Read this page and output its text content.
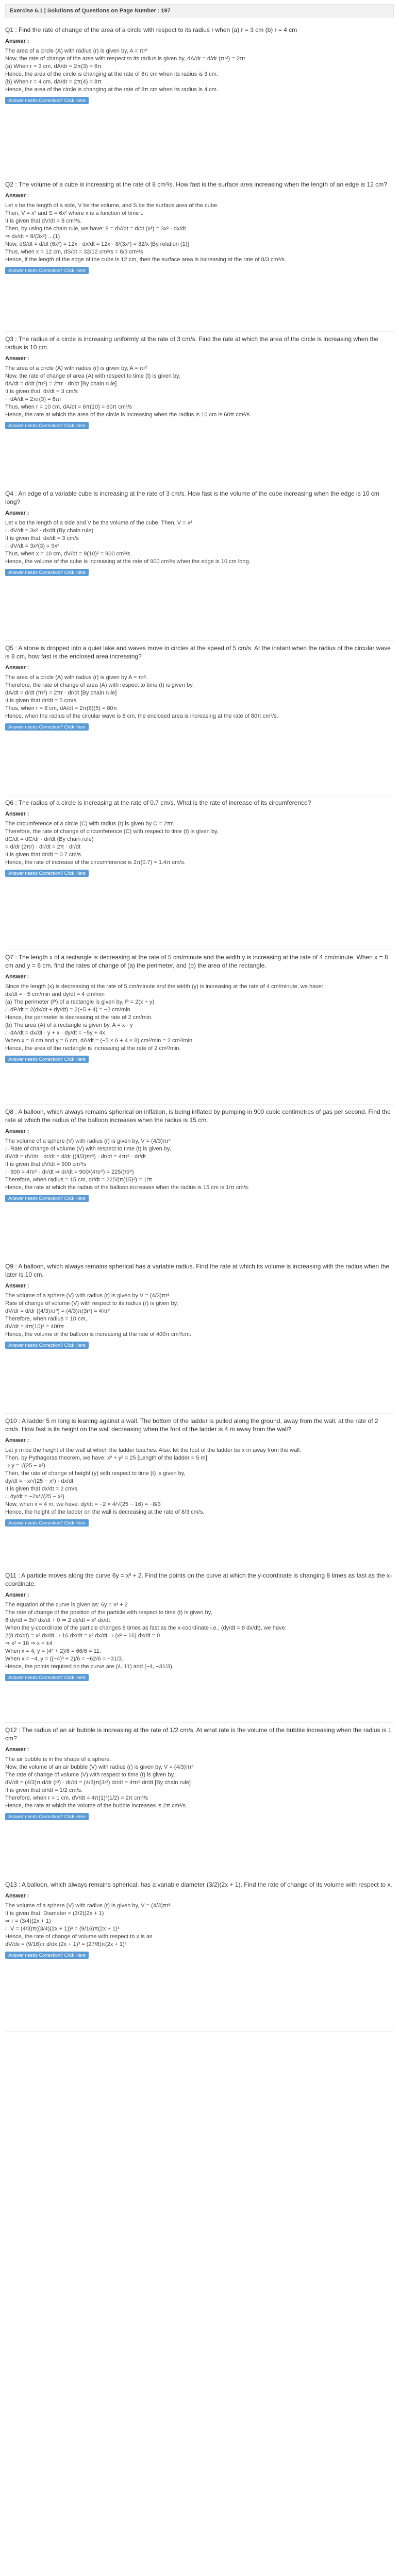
Exercise 6.1 | Solutions of Questions on Page Number : 197

Q1 : Find the rate of change of the area of a circle with respect to its radius r when (a) r = 3 cm (b) r = 4 cm

Answer :

The area of a circle (A) with radius (r) is given by, A = πr²

Now, the rate of change of the area with respect to its radius is given by, dA/dr = d/dr (πr²) = 2πr

(a) When r = 3 cm, dA/dr = 2π(3) = 6π

Hence, the area of the circle is changing at the rate of 6π cm when its radius is 3 cm.

(b) When r = 4 cm, dA/dr = 2π(4) = 8π

Hence, the area of the circle is changing at the rate of 8π cm when its radius is 4 cm.

Answer needs Correction? Click Here

Q2 : The volume of a cube is increasing at the rate of 8 cm³/s. How fast is the surface area increasing when the length of an edge is 12 cm?

Answer :

Let x be the length of a side, V be the volume, and S be the surface area of the cube.

Then, V = x³ and S = 6x² where x is a function of time t.

It is given that dV/dt = 8 cm³/s.

Then, by using the chain rule, we have: 8 = dV/dt = d/dt (x³) = 3x² · dx/dt

⇒ dx/dt = 8/(3x²) ...(1)

Now, dS/dt = d/dt (6x²) = 12x · dx/dt = 12x · 8/(3x²) = 32/x [By relation (1)]

Thus, when x = 12 cm, dS/dt = 32/12 cm²/s = 8/3 cm²/s

Hence, if the length of the edge of the cube is 12 cm, then the surface area is increasing at the rate of 8/3 cm²/s.

Answer needs Correction? Click Here

Q3 : The radius of a circle is increasing uniformly at the rate of 3 cm/s. Find the rate at which the area of the circle is increasing when the radius is 10 cm.

Answer :

The area of a circle (A) with radius (r) is given by, A = πr²

Now, the rate of change of area (A) with respect to time (t) is given by,

dA/dt = d/dt (πr²) = 2πr · dr/dt [By chain rule]

It is given that, dr/dt = 3 cm/s

∴ dA/dt = 2πr(3) = 6πr

Thus, when r = 10 cm, dA/dt = 6π(10) = 60π cm²/s

Hence, the rate at which the area of the circle is increasing when the radius is 10 cm is 60π cm²/s.

Answer needs Correction? Click Here

Q4 : An edge of a variable cube is increasing at the rate of 3 cm/s. How fast is the volume of the cube increasing when the edge is 10 cm long?

Answer :

Let x be the length of a side and V be the volume of the cube. Then, V = x³

∴ dV/dt = 3x² · dx/dt (By chain rule)

It is given that, dx/dt = 3 cm/s

∴ dV/dt = 3x²(3) = 9x²

Thus, when x = 10 cm, dV/dt = 9(10)² = 900 cm³/s

Hence, the volume of the cube is increasing at the rate of 900 cm³/s when the edge is 10 cm long.

Answer needs Correction? Click Here

Q5 : A stone is dropped into a quiet lake and waves move in circles at the speed of 5 cm/s. At the instant when the radius of the circular wave is 8 cm, how fast is the enclosed area increasing?

Answer :

The area of a circle (A) with radius (r) is given by A = πr².

Therefore, the rate of change of area (A) with respect to time (t) is given by,

dA/dt = d/dt (πr²) = 2πr · dr/dt [By chain rule]

It is given that dr/dt = 5 cm/s.

Thus, when r = 8 cm, dA/dt = 2π(8)(5) = 80π

Hence, when the radius of the circular wave is 8 cm, the enclosed area is increasing at the rate of 80π cm²/s.

Answer needs Correction? Click Here

Q6 : The radius of a circle is increasing at the rate of 0.7 cm/s. What is the rate of increase of its circumference?

Answer :

The circumference of a circle (C) with radius (r) is given by C = 2πr.

Therefore, the rate of change of circumference (C) with respect to time (t) is given by,

dC/dt = dC/dr · dr/dt (By chain rule)

= d/dr (2πr) · dr/dt = 2π · dr/dt

It is given that dr/dt = 0.7 cm/s.

Hence, the rate of increase of the circumference is 2π(0.7) = 1.4π cm/s.

Answer needs Correction? Click Here

Q7 : The length x of a rectangle is decreasing at the rate of 5 cm/minute and the width y is increasing at the rate of 4 cm/minute. When x = 8 cm and y = 6 cm, find the rates of change of (a) the perimeter, and (b) the area of the rectangle.

Answer :

Since the length (x) is decreasing at the rate of 5 cm/minute and the width (y) is increasing at the rate of 4 cm/minute, we have:

dx/dt = −5 cm/min and dy/dt = 4 cm/min

(a) The perimeter (P) of a rectangle is given by, P = 2(x + y)

∴ dP/dt = 2(dx/dt + dy/dt) = 2(−5 + 4) = −2 cm/min

Hence, the perimeter is decreasing at the rate of 2 cm/min.

(b) The area (A) of a rectangle is given by, A = x · y

∴ dA/dt = dx/dt · y + x · dy/dt = −5y + 4x

When x = 8 cm and y = 6 cm, dA/dt = (−5 × 6 + 4 × 8) cm²/min = 2 cm²/min

Hence, the area of the rectangle is increasing at the rate of 2 cm²/min.

Answer needs Correction? Click Here

Q8 : A balloon, which always remains spherical on inflation, is being inflated by pumping in 900 cubic centimetres of gas per second. Find the rate at which the radius of the balloon increases when the radius is 15 cm.

Answer :

The volume of a sphere (V) with radius (r) is given by, V = (4/3)πr³

∴ Rate of change of volume (V) with respect to time (t) is given by,

dV/dt = dV/dr · dr/dt = d/dr ((4/3)πr³) · dr/dt = 4πr² · dr/dt

It is given that dV/dt = 900 cm³/s

∴ 900 = 4πr² · dr/dt ⇒ dr/dt = 900/(4πr²) = 225/(πr²)

Therefore, when radius = 15 cm, dr/dt = 225/(π(15)²) = 1/π

Hence, the rate at which the radius of the balloon increases when the radius is 15 cm is 1/π cm/s.

Answer needs Correction? Click Here

Q9 : A balloon, which always remains spherical has a variable radius. Find the rate at which its volume is increasing with the radius when the later is 10 cm.

Answer :

The volume of a sphere (V) with radius (r) is given by V = (4/3)πr³.

Rate of change of volume (V) with respect to its radius (r) is given by,

dV/dr = d/dr ((4/3)πr³) = (4/3)π(3r²) = 4πr²

Therefore, when radius = 10 cm,

dV/dr = 4π(10)² = 400π

Hence, the volume of the balloon is increasing at the rate of 400π cm³/cm.

Answer needs Correction? Click Here

Q10 : A ladder 5 m long is leaning against a wall. The bottom of the ladder is pulled along the ground, away from the wall, at the rate of 2 cm/s. How fast is its height on the wall decreasing when the foot of the ladder is 4 m away from the wall?

Answer :

Let y m be the height of the wall at which the ladder touches. Also, let the foot of the ladder be x m away from the wall.

Then, by Pythagoras theorem, we have: x² + y² = 25 [Length of the ladder = 5 m]

⇒ y = √(25 − x²)

Then, the rate of change of height (y) with respect to time (t) is given by,

dy/dt = −x/√(25 − x²) · dx/dt

It is given that dx/dt = 2 cm/s.

∴ dy/dt = −2x/√(25 − x²)

Now, when x = 4 m, we have: dy/dt = −2 × 4/√(25 − 16) = −8/3

Hence, the height of the ladder on the wall is decreasing at the rate of 8/3 cm/s.

Answer needs Correction? Click Here

Q11 : A particle moves along the curve 6y = x³ + 2. Find the points on the curve at which the y-coordinate is changing 8 times as fast as the x-coordinate.

Answer :

The equation of the curve is given as: 6y = x³ + 2

The rate of change of the position of the particle with respect to time (t) is given by,

6 dy/dt = 3x² dx/dt + 0 ⇒ 2 dy/dt = x² dx/dt

When the y-coordinate of the particle changes 8 times as fast as the x-coordinate i.e., (dy/dt = 8 dx/dt), we have:

2(8 dx/dt) = x² dx/dt ⇒ 16 dx/dt = x² dx/dt ⇒ (x² − 16) dx/dt = 0

⇒ x² = 16 ⇒ x = ±4

When x = 4, y = (4³ + 2)/6 = 66/6 = 11.

When x = −4, y = ((−4)³ + 2)/6 = −62/6 = −31/3.

Hence, the points required on the curve are (4, 11) and (−4, −31/3).

Answer needs Correction? Click Here

Q12 : The radius of an air bubble is increasing at the rate of 1/2 cm/s. At what rate is the volume of the bubble increasing when the radius is 1 cm?

Answer :

The air bubble is in the shape of a sphere.

Now, the volume of an air bubble (V) with radius (r) is given by, V = (4/3)πr³

The rate of change of volume (V) with respect to time (t) is given by,

dV/dt = (4/3)π d/dr (r³) · dr/dt = (4/3)π(3r²) dr/dt = 4πr² dr/dt [By chain rule]

It is given that dr/dt = 1/2 cm/s.

Therefore, when r = 1 cm, dV/dt = 4π(1)²(1/2) = 2π cm³/s

Hence, the rate at which the volume of the bubble increases is 2π cm³/s.

Answer needs Correction? Click Here

Q13 : A balloon, which always remains spherical, has a variable diameter (3/2)(2x + 1). Find the rate of change of its volume with respect to x.

Answer :

The volume of a sphere (V) with radius (r) is given by, V = (4/3)πr³

It is given that: Diameter = (3/2)(2x + 1)

⇒ r = (3/4)(2x + 1)

∴ V = (4/3)π((3/4)(2x + 1))³ = (9/16)π(2x + 1)³

Hence, the rate of change of volume with respect to x is as

dV/dx = (9/16)π d/dx (2x + 1)³ = (27/8)π(2x + 1)²

Answer needs Correction? Click Here
